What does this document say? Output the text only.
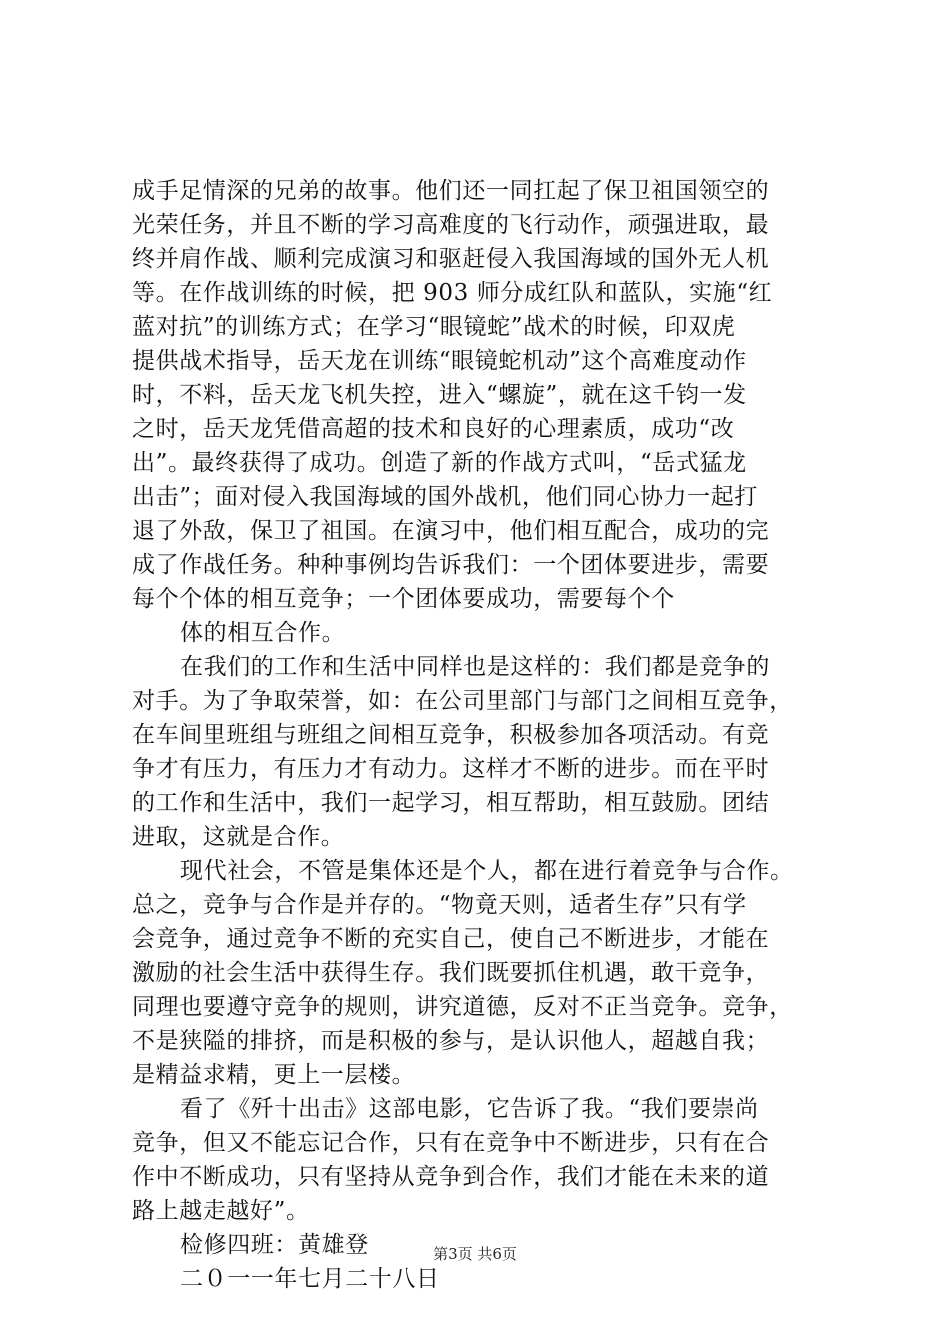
成手足情深的兄弟的故事。他们还一同扛起了保卫祖国领空的
光荣任务，并且不断的学习高难度的飞行动作，顽强进取，最
终并肩作战、顺利完成演习和驱赶侵入我国海域的国外无人机
等。在作战训练的时候，把 903 师分成红队和蓝队，实施“红
蓝对抗”的训练方式；在学习“眼镜蛇”战术的时候，印双虎
提供战术指导，岳天龙在训练“眼镜蛇机动”这个高难度动作
时，不料，岳天龙飞机失控，进入“螺旋”，就在这千钧一发
之时，岳天龙凭借高超的技术和良好的心理素质，成功“改
出”。最终获得了成功。创造了新的作战方式叫，“岳式猛龙
出击”；面对侵入我国海域的国外战机，他们同心协力一起打
退了外敌，保卫了祖国。在演习中，他们相互配合，成功的完
成了作战任务。种种事例均告诉我们：一个团体要进步，需要
每个个体的相互竞争；一个团体要成功，需要每个个
体的相互合作。
在我们的工作和生活中同样也是这样的：我们都是竞争的
对手。为了争取荣誉，如：在公司里部门与部门之间相互竞争，
在车间里班组与班组之间相互竞争，积极参加各项活动。有竞
争才有压力，有压力才有动力。这样才不断的进步。而在平时
的工作和生活中，我们一起学习，相互帮助，相互鼓励。团结
进取，这就是合作。
现代社会，不管是集体还是个人，都在进行着竞争与合作。
总之，竞争与合作是并存的。“物竟天则，适者生存”只有学
会竞争，通过竞争不断的充实自己，使自己不断进步，才能在
激励的社会生活中获得生存。我们既要抓住机遇，敢干竞争，
同理也要遵守竞争的规则，讲究道德，反对不正当竞争。竞争，
不是狭隘的排挤，而是积极的参与，是认识他人，超越自我；
是精益求精，更上一层楼。
看了《歼十出击》这部电影，它告诉了我。“我们要崇尚
竞争，但又不能忘记合作，只有在竞争中不断进步，只有在合
作中不断成功，只有坚持从竞争到合作，我们才能在未来的道
路上越走越好”。
检修四班：黄雄登
二０一一年七月二十八日
第3页 共6页
